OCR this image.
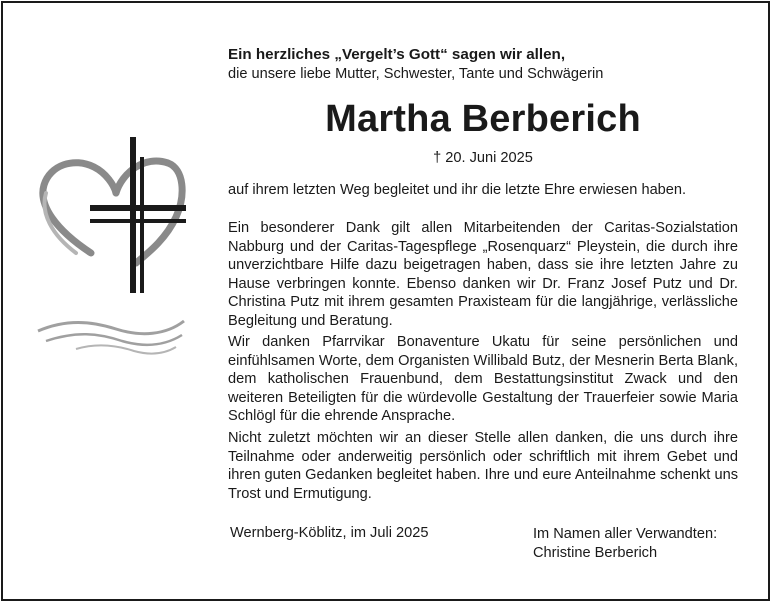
Ein herzliches „Vergelt’s Gott“ sagen wir allen,
die unsere liebe Mutter, Schwester, Tante und Schwägerin
Martha Berberich
† 20. Juni 2025

auf ihrem letzten Weg begleitet und ihr die letzte Ehre erwiesen haben.

Ein besonderer Dank gilt allen Mitarbeitenden der Caritas-Sozialstation Nabburg und der Caritas-Tagespflege „Rosenquarz“ Pleystein, die durch ihre unverzichtbare Hilfe dazu beigetragen haben, dass sie ihre letzten Jahre zu Hause verbringen konnte. Ebenso danken wir Dr. Franz Josef Putz und Dr. Christina Putz mit ihrem gesamten Praxisteam für die langjährige, verlässliche Begleitung und Beratung.

Wir danken Pfarrvikar Bonaventure Ukatu für seine persönlichen und einfühlsamen Worte, dem Organisten Willibald Butz, der Mesnerin Berta Blank, dem katholischen Frauenbund, dem Bestattungsinstitut Zwack und den weiteren Beteiligten für die würdevolle Gestaltung der Trauerfeier sowie Maria Schlögl für die ehrende Ansprache.

Nicht zuletzt möchten wir an dieser Stelle allen danken, die uns durch ihre Teilnahme oder anderweitig persönlich oder schriftlich mit ihrem Gebet und ihren guten Gedanken begleitet haben. Ihre und eure Anteilnahme schenkt uns Trost und Ermutigung.

Wernberg-Köblitz, im Juli 2025	Im Namen aller Verwandten:
Christine Berberich
